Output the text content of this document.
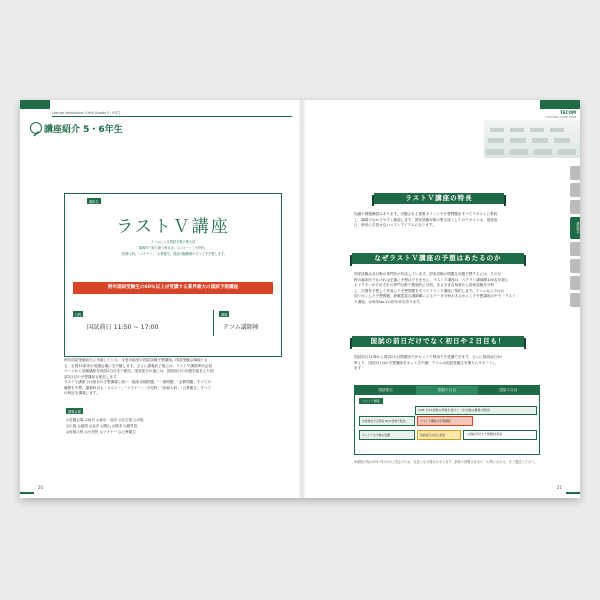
Lecture Introduction 5-6th Grades 5・6年生
講座紹介 5・6年生
講座名
ラストＶ講座
テコムによる国試予想の集大成
講義内で取り扱う科目は「メジャー」「小児科」
「産婦人科」「マイナー」「公衆衛生」国試出題範囲のすべてを予想します。
例年国試受験生の60％以上が受講する業界最大の国試予想講座
日程
国試前日 11:50 ~ 17:00
講師
テコム講師陣
例年国試受験前日に実施している、全巻可能型の国試試験予想講座。国試受験会場地とも
る、全国11都市の受講会場に生中継します。さらに講義終了後には、ラストＶ講座専用会員
ページから試験講座を国試2日目まで配信。国試前日の夜には、国試前日の出題を踏まえた国
試2日目の予想講座も配信します。
ラストＶ講座では独自の予想講義と独い「臨床実地問題」「一般問題」「必修問題」すべての
範囲を予想。講義科目も「メジャー」「マイナー」「小児科」「産婦人科」「公衆衛生」すべて
の科目を講義します。
講義会場
◎札幌会場 ◎仙台 ◎東京・品川 ◎名古屋 ◎大阪
◎広島 ◎福岡 ◎金沢 ◎岡山 ◎熊本 ◎鹿児島
◎産婦人科 ◎小児科 ◎マイナー ◎公衆衛生
20
TECOM
LECTURE GUIDE 2018
講座紹介
ラストＶ講座の特長
知識や問題練習はあります。出題される重要ポイントや予想問題をすべてテキストに集約
し、講義でわかりやすく解説します。国家試験対策の集大成としてのテキストは、国試前
日、使用に手放せないマストアイテムになります。
なぜラストＶ講座の予想はあたるのか
国家試験は各分野の専門医が作成しています。国家試験の問題を出題予想するには、その分
野の臨床医でなければ正確に予想はできません。ラストＶ講座は、ベテラン講師陣100名を超え
るドクターがそれぞれの専門分野で徹底的に分析。まさきまな角度から国家試験を分析
し、次期を予想して作成した予想問題をすべてラストＶ講座に集約します。テコムならではの
知り尽くした予想問題、経験豊富な講師陣によるデータ分析があるからこそ予想講座の中で「ラスト
Ｖ講座」は毎年No.1の的中率を誇ります。
国試の前日だけでなく初日や２日目も！
国試前日11時から国試2日目問題までがセットで利用でき受講できます。さらに国試前日20
時より、国試2日目の予想講座をネット生中継！テコムは国試受験生を強力にサポートし
ます！
国試前日	国試１日目	国試２日目
ラストＶ講座
LIVE 全11会場の実時を受けて（生中継の講義の配信）
会場参加予定教室 8/11会場で配信	ラストＶ講座の予想講座
ネットで生中継の受講	国試前日の夜に配信	＊試験全科目の予想講座を配信
※講座日程は2017年12月に決定のため、変更になる場合があります。最新の情報は巻末の「お問い合わせ」をご確認ください。
21
